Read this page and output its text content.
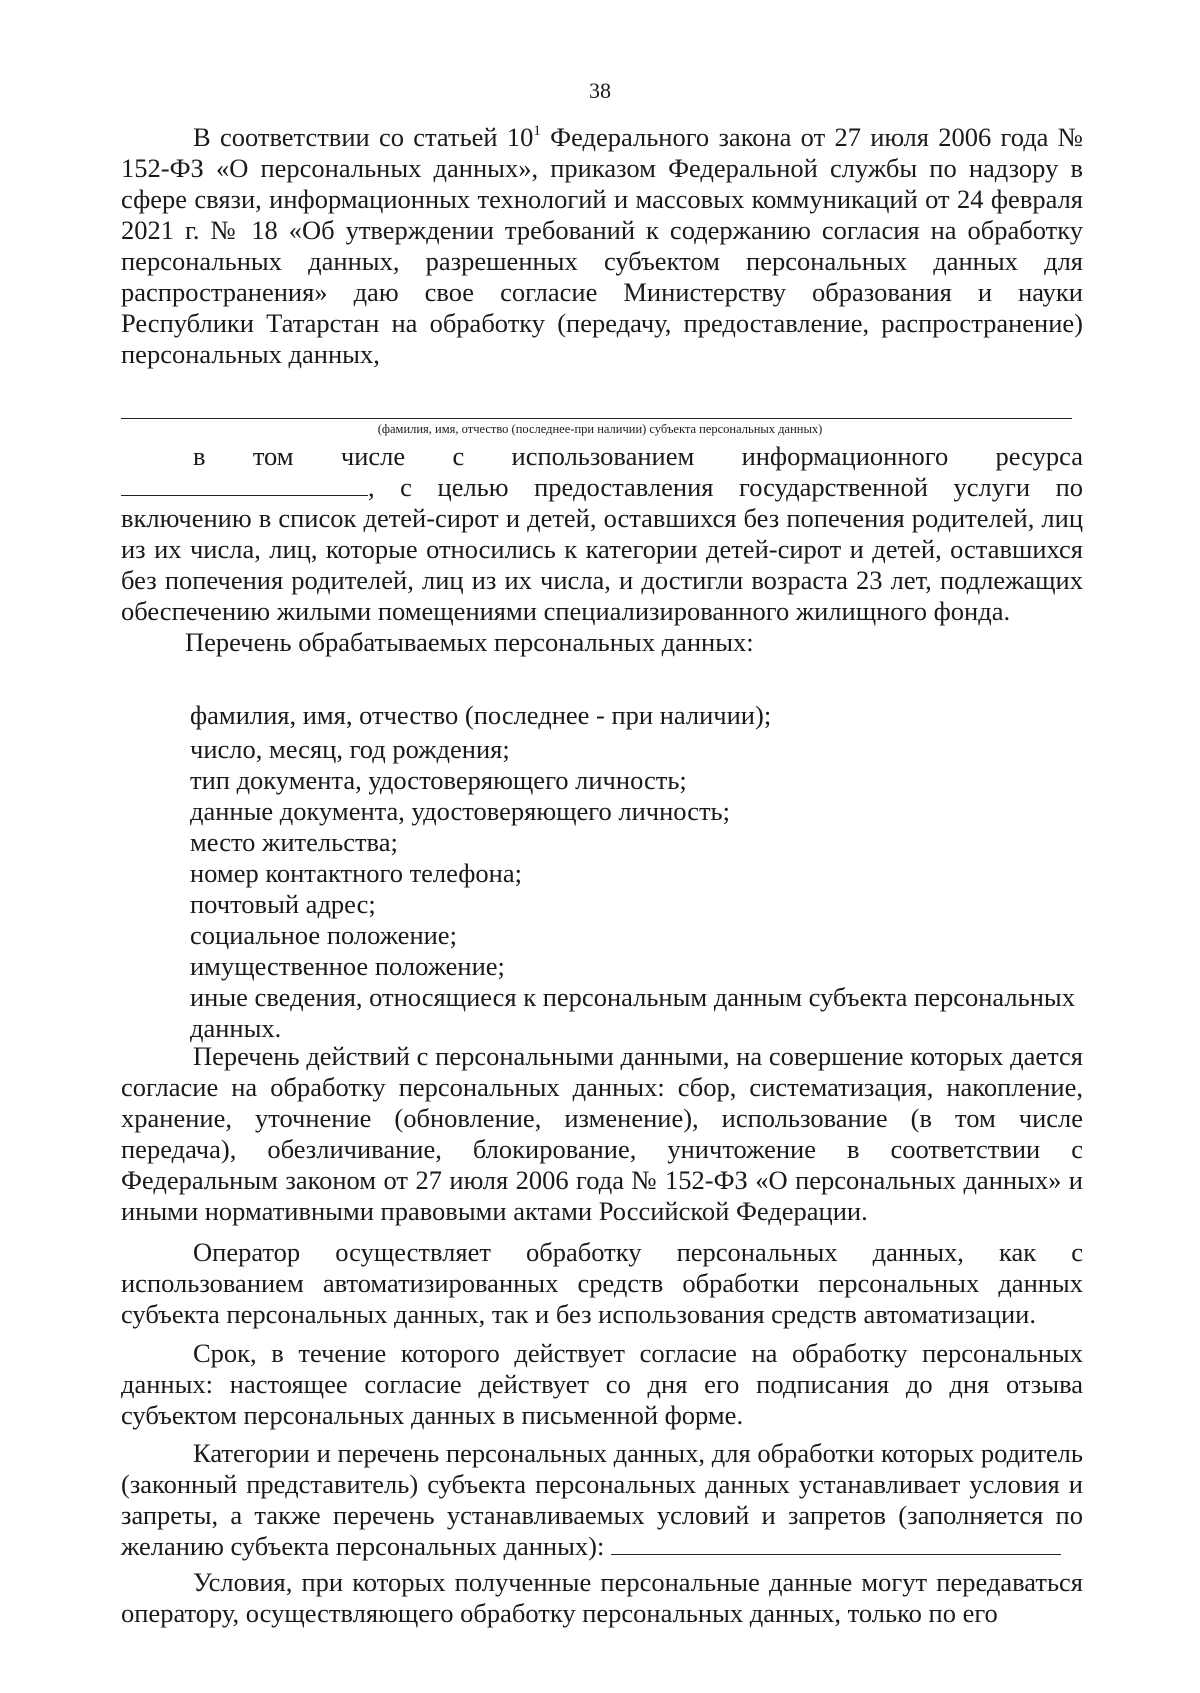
38

В соответствии со статьей $10^1$ Федерального закона от 27 июля 2006 года № 152-ФЗ «О персональных данных», приказом Федеральной службы по надзору в сфере связи, информационных технологий и массовых коммуникаций от 24 февраля 2021 г. № 18 «Об утверждении требований к содержанию согласия на обработку персональных данных, разрешенных субъектом персональных данных для распространения» даю свое согласие Министерству образования и науки Республики Татарстан на обработку (передачу, предоставление, распространение) персональных данных,

(фамилия, имя, отчество (последнее-при наличии) субъекта персональных данных)

в том числе с использованием информационного ресурса , с целью предоставления государственной услуги по включению в список детей-сирот и детей, оставшихся без попечения родителей, лиц из их числа, лиц, которые относились к категории детей-сирот и детей, оставшихся без попечения родителей, лиц из их числа, и достигли возраста 23 лет, подлежащих обеспечению жилыми помещениями специализированного жилищного фонда.

Перечень обрабатываемых персональных данных:

фамилия, имя, отчество (последнее - при наличии);
число, месяц, год рождения;
тип документа, удостоверяющего личность;
данные документа, удостоверяющего личность;
место жительства;
номер контактного телефона;
почтовый адрес;
социальное положение;
имущественное положение;
иные сведения, относящиеся к персональным данным субъекта персональных данных.

Перечень действий с персональными данными, на совершение которых дается согласие на обработку персональных данных: сбор, систематизация, накопление, хранение, уточнение (обновление, изменение), использование (в том числе передача), обезличивание, блокирование, уничтожение в соответствии с Федеральным законом от 27 июля 2006 года № 152-ФЗ «О персональных данных» и иными нормативными правовыми актами Российской Федерации.

Оператор осуществляет обработку персональных данных, как с использованием автоматизированных средств обработки персональных данных субъекта персональных данных, так и без использования средств автоматизации.

Срок, в течение которого действует согласие на обработку персональных данных: настоящее согласие действует со дня его подписания до дня отзыва субъектом персональных данных в письменной форме.

Категории и перечень персональных данных, для обработки которых родитель (законный представитель) субъекта персональных данных устанавливает условия и запреты, а также перечень устанавливаемых условий и запретов (заполняется по желанию субъекта персональных данных):

Условия, при которых полученные персональные данные могут передаваться оператору, осуществляющего обработку персональных данных, только по его
